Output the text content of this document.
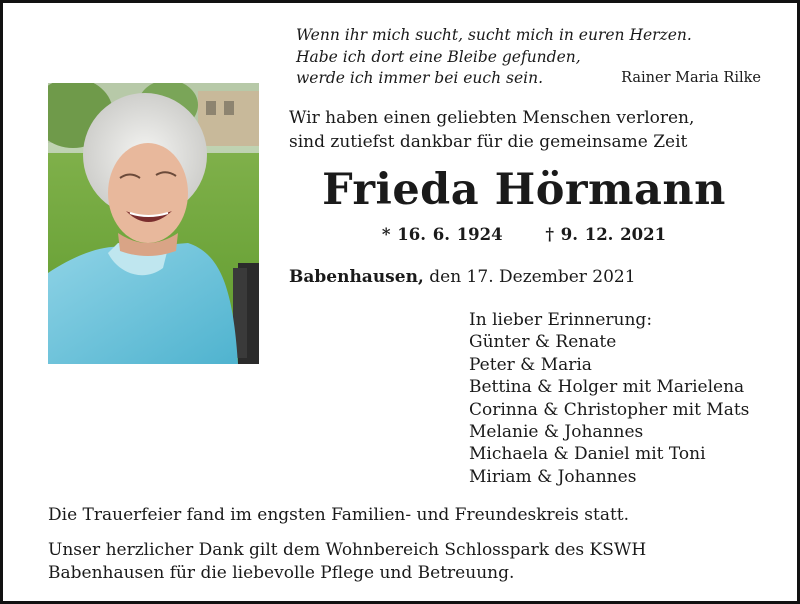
Wenn ihr mich sucht, sucht mich in euren Herzen.
Habe ich dort eine Bleibe gefunden,
werde ich immer bei euch sein.	Rainer Maria Rilke
Wir haben einen geliebten Menschen verloren,
sind zutiefst dankbar für die gemeinsame Zeit
Frieda Hörmann
* 16. 6. 1924	† 9. 12. 2021
Babenhausen, den 17. Dezember 2021
In lieber Erinnerung:
Günter & Renate
Peter & Maria
Bettina & Holger mit Marielena
Corinna & Christopher mit Mats
Melanie & Johannes
Michaela & Daniel mit Toni
Miriam & Johannes
Die Trauerfeier fand im engsten Familien- und Freundeskreis statt.
Unser herzlicher Dank gilt dem Wohnbereich Schlosspark des KSWH
Babenhausen für die liebevolle Pflege und Betreuung.
